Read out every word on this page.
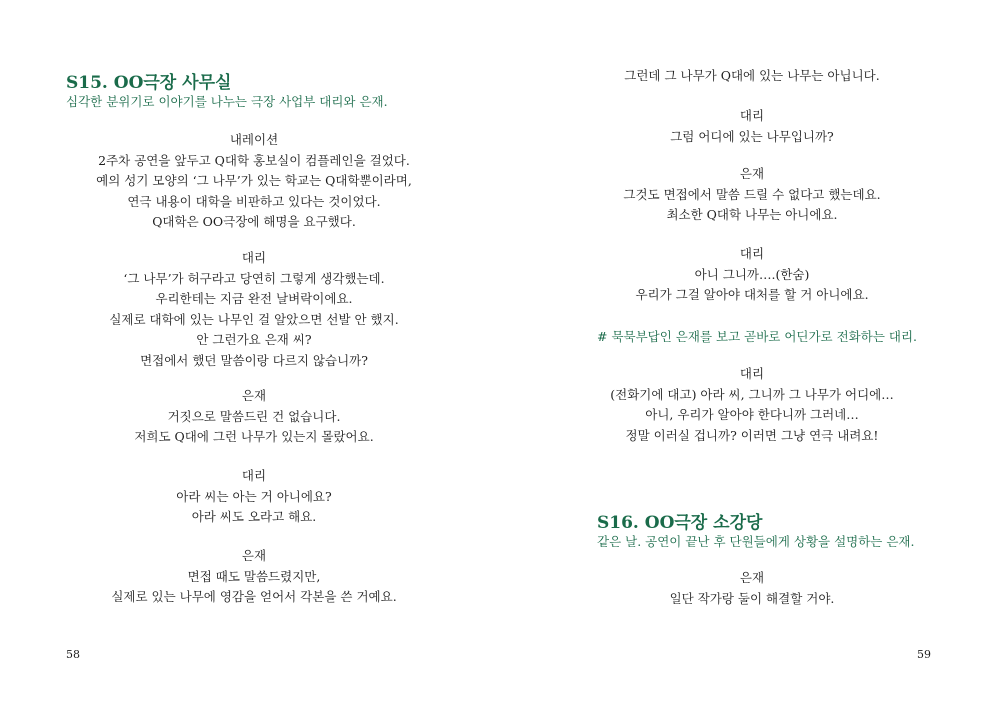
S15. OO극장 사무실
심각한 분위기로 이야기를 나누는 극장 사업부 대리와 은재.
내레이션
2주차 공연을 앞두고 Q대학 홍보실이 컴플레인을 걸었다.
예의 성기 모양의 ‘그 나무’가 있는 학교는 Q대학뿐이라며,
연극 내용이 대학을 비판하고 있다는 것이었다.
Q대학은 OO극장에 해명을 요구했다.
대리
‘그 나무’가 허구라고 당연히 그렇게 생각했는데.
우리한테는 지금 완전 날벼락이에요.
실제로 대학에 있는 나무인 걸 알았으면 선발 안 했지.
안 그런가요 은재 씨?
면접에서 했던 말씀이랑 다르지 않습니까?
은재
거짓으로 말씀드린 건 없습니다.
저희도 Q대에 그런 나무가 있는지 몰랐어요.
대리
아라 씨는 아는 거 아니에요?
아라 씨도 오라고 해요.
은재
면접 때도 말씀드렸지만,
실제로 있는 나무에 영감을 얻어서 각본을 쓴 거예요.
58
그런데 그 나무가 Q대에 있는 나무는 아닙니다.
대리
그럼 어디에 있는 나무입니까?
은재
그것도 면접에서 말씀 드릴 수 없다고 했는데요.
최소한 Q대학 나무는 아니에요.
대리
아니 그니까….(한숨)
우리가 그걸 알아야 대처를 할 거 아니에요.
# 묵묵부답인 은재를 보고 곧바로 어딘가로 전화하는 대리.
대리
(전화기에 대고) 아라 씨, 그니까 그 나무가 어디에…
아니, 우리가 알아야 한다니까 그러네…
정말 이러실 겁니까? 이러면 그냥 연극 내려요!
S16. OO극장 소강당
같은 날. 공연이 끝난 후 단원들에게 상황을 설명하는 은재.
은재
일단 작가랑 둘이 해결할 거야.
59
